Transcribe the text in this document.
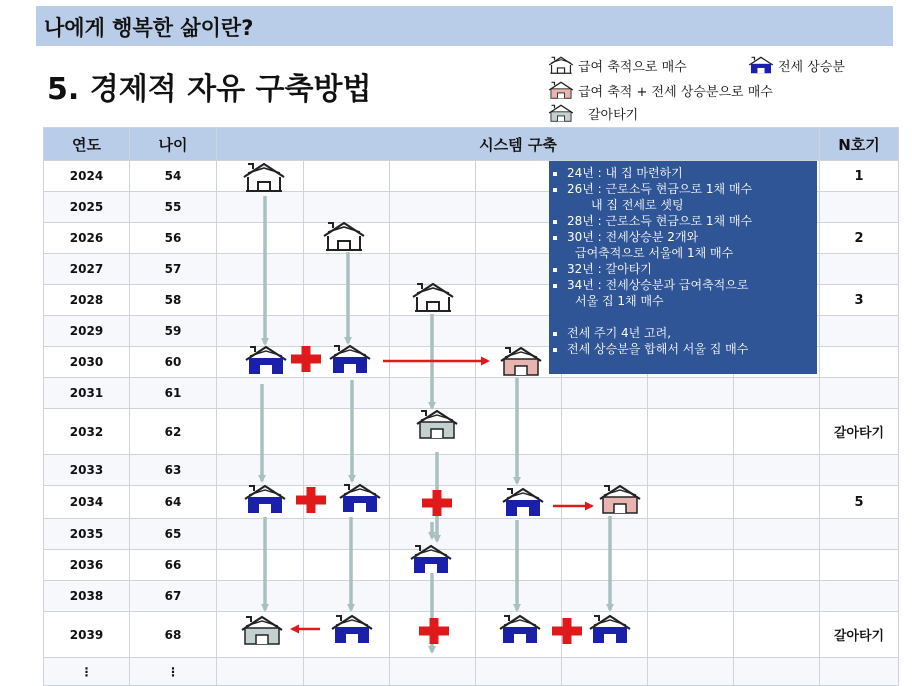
나에게 행복한 삶이란?
5. 경제적 자유 구축방법
급여 축적으로 매수	전세 상승분
급여 축적 + 전세 상승분으로 매수
갈아타기
연도	나이	시스템 구축							N호기
2024	54								1
2025	55								
2026	56								2
2027	57								
2028	58								3
2029	59								
2030	60								
2031	61								
2032	62								갈아타기
2033	63								
2034	64								5
2035	65								
2036	66								
2038	67								
2039	68								갈아타기
⋮	⋮								
▪ 24년 : 내 집 마련하기
▪ 26년 : 근로소득 현금으로 1채 매수
내 집 전세로 셋팅
▪ 28년 : 근로소득 현금으로 1채 매수
▪ 30년 : 전세상승분 2개와
급여축적으로 서울에 1채 매수
▪ 32년 : 갈아타기
▪ 34년 : 전세상승분과 급여축적으로
서울 집 1채 매수
▪ 전세 주기 4년 고려,
▪ 전세 상승분을 합해서 서울 집 매수
